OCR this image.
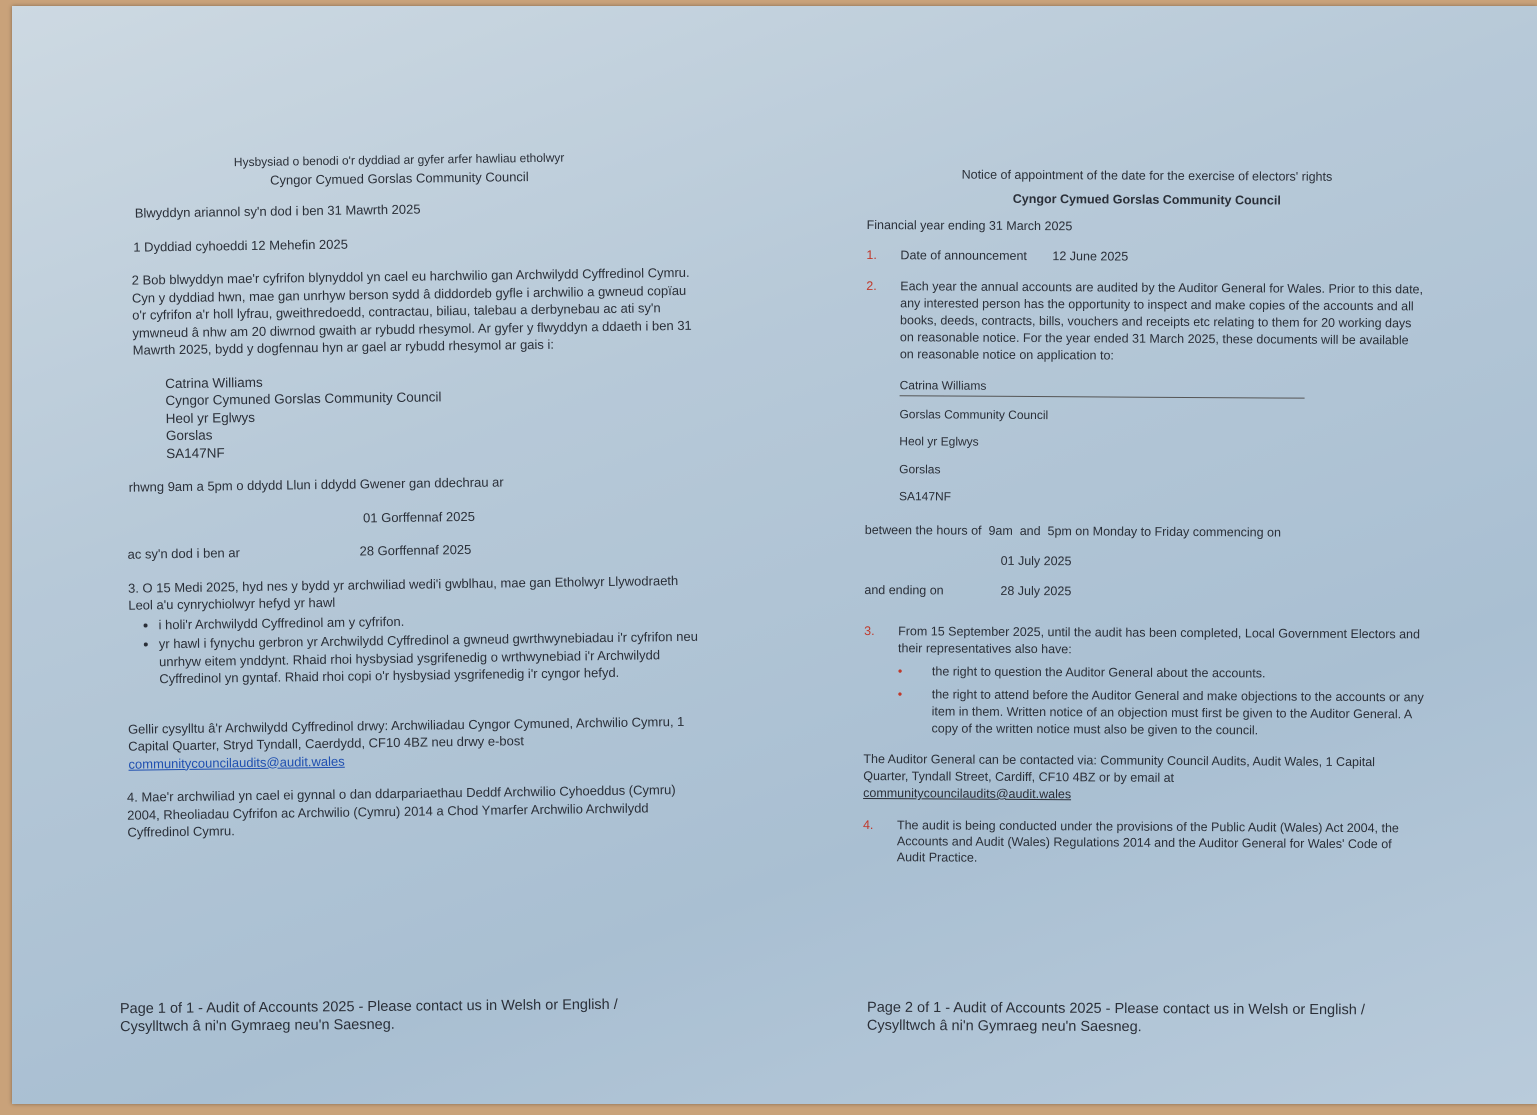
Hysbysiad o benodi o'r dyddiad ar gyfer arfer hawliau etholwyr

Cyngor Cymued Gorslas Community Council

Blwyddyn ariannol sy'n dod i ben 31 Mawrth 2025

1 Dyddiad cyhoeddi 12 Mehefin 2025

2 Bob blwyddyn mae'r cyfrifon blynyddol yn cael eu harchwilio gan Archwilydd Cyffredinol Cymru. Cyn y dyddiad hwn, mae gan unrhyw berson sydd â diddordeb gyfle i archwilio a gwneud copïau o'r cyfrifon a'r holl lyfrau, gweithredoedd, contractau, biliau, talebau a derbynebau ac ati sy'n ymwneud â nhw am 20 diwrnod gwaith ar rybudd rhesymol. Ar gyfer y flwyddyn a ddaeth i ben 31 Mawrth 2025, bydd y dogfennau hyn ar gael ar rybudd rhesymol ar gais i:

Catrina Williams

Cyngor Cymuned Gorslas Community Council

Heol yr Eglwys

Gorslas

SA147NF

rhwng 9am a 5pm o ddydd Llun i ddydd Gwener gan ddechrau ar

01 Gorffennaf 2025

ac sy'n dod i ben ar	28 Gorffennaf 2025

3. O 15 Medi 2025, hyd nes y bydd yr archwiliad wedi'i gwblhau, mae gan Etholwyr Llywodraeth Leol a'u cynrychiolwyr hefyd yr hawl

• i holi'r Archwilydd Cyffredinol am y cyfrifon.
• yr hawl i fynychu gerbron yr Archwilydd Cyffredinol a gwneud gwrthwynebiadau i'r cyfrifon neu unrhyw eitem ynddynt. Rhaid rhoi hysbysiad ysgrifenedig o wrthwynebiad i'r Archwilydd Cyffredinol yn gyntaf. Rhaid rhoi copi o'r hysbysiad ysgrifenedig i'r cyngor hefyd.

Gellir cysylltu â'r Archwilydd Cyffredinol drwy: Archwiliadau Cyngor Cymuned, Archwilio Cymru, 1 Capital Quarter, Stryd Tyndall, Caerdydd, CF10 4BZ neu drwy e-bost

communitycouncilaudits@audit.wales

4. Mae'r archwiliad yn cael ei gynnal o dan ddarpariaethau Deddf Archwilio Cyhoeddus (Cymru) 2004, Rheoliadau Cyfrifon ac Archwilio (Cymru) 2014 a Chod Ymarfer Archwilio Archwilydd Cyffredinol Cymru.

Notice of appointment of the date for the exercise of electors' rights

Cyngor Cymued Gorslas Community Council

Financial year ending 31 March 2025

1.	Date of announcement	12 June 2025
2.	Each year the annual accounts are audited by the Auditor General for Wales. Prior to this date, any interested person has the opportunity to inspect and make copies of the accounts and all books, deeds, contracts, bills, vouchers and receipts etc relating to them for 20 working days on reasonable notice. For the year ended 31 March 2025, these documents will be available on reasonable notice on application to:

Catrina Williams

Gorslas Community Council

Heol yr Eglwys

Gorslas

SA147NF

between the hours of  9am  and  5pm on Monday to Friday commencing on

01 July 2025

and ending on	28 July 2025
3.	From 15 September 2025, until the audit has been completed, Local Government Electors and their representatives also have:
• the right to question the Auditor General about the accounts.
• the right to attend before the Auditor General and make objections to the accounts or any item in them. Written notice of an objection must first be given to the Auditor General. A copy of the written notice must also be given to the council.

The Auditor General can be contacted via: Community Council Audits, Audit Wales, 1 Capital Quarter, Tyndall Street, Cardiff, CF10 4BZ or by email at

communitycouncilaudits@audit.wales

4.	The audit is being conducted under the provisions of the Public Audit (Wales) Act 2004, the Accounts and Audit (Wales) Regulations 2014 and the Auditor General for Wales' Code of Audit Practice.

Page 1 of 1 - Audit of Accounts 2025 - Please contact us in Welsh or English /

Cysylltwch â ni'n Gymraeg neu'n Saesneg.

Page 2 of 1 - Audit of Accounts 2025 - Please contact us in Welsh or English /

Cysylltwch â ni'n Gymraeg neu'n Saesneg.
